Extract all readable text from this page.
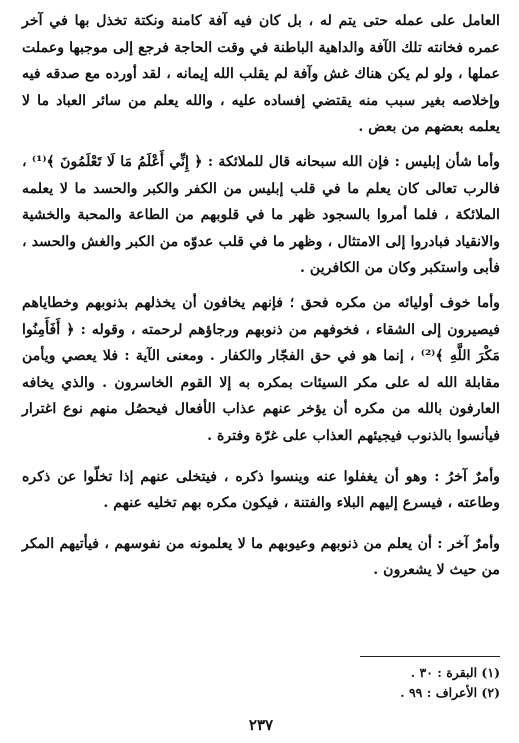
العامل على عمله حتى يتم له ، بل كان فيه آفة كامنة ونكتة تخذل بها في آخر عمره فخانته تلك الآفة والداهية الباطنة في وقت الحاجة فرجع إلى موجبها وعملت عملها ، ولو لم يكن هناك غش وآفة لم يقلب الله إيمانه ، لقد أورده مع صدقه فيه وإخلاصه بغير سبب منه يقتضي إفساده عليه ، والله يعلم من سائر العباد ما لا يعلمه بعضهم من بعض .

وأما شأن إبليس : فإن الله سبحانه قال للملائكة : ﴿ إِنِّي أَعْلَمُ مَا لَا تَعْلَمُونَ ﴾⁽¹⁾ ، فالرب تعالى كان يعلم ما في قلب إبليس من الكفر والكبر والحسد ما لا يعلمه الملائكة ، فلما أمروا بالسجود ظهر ما في قلوبهم من الطاعة والمحبة والخشية والانقياد فبادروا إلى الامتثال ، وظهر ما في قلب عدوّه من الكبر والغش والحسد ، فأبى واستكبر وكان من الكافرين .

وأما خوف أوليائه من مكره فحق ؛ فإنهم يخافون أن يخذلهم بذنوبهم وخطاياهم فيصيرون إلى الشقاء ، فخوفهم من ذنوبهم ورجاؤهم لرحمته ، وقوله : ﴿ أَفَأَمِنُوا مَكْرَ اللَّهِ ﴾⁽²⁾ ، إنما هو في حق الفجّار والكفار . ومعنى الآية : فلا يعصي ويأمن مقابلة الله له على مكر السيئات بمكره به إلا القوم الخاسرون . والذي يخافه العارفون بالله من مكره أن يؤخر عنهم عذاب الأفعال فيحصُل منهم نوع اغترار فيأنسوا بالذنوب فيجيئهم العذاب على غرّة وفترة .

وأمرٌ آخرُ : وهو أن يغفلوا عنه وينسوا ذكره ، فيتخلى عنهم إذا تخلّوا عن ذكره وطاعته ، فيسرع إليهم البلاء والفتنة ، فيكون مكره بهم تخليه عنهم .

وأمرٌ آخر : أن يعلم من ذنوبهم وعيوبهم ما لا يعلمونه من نفوسهم ، فيأتيهم المكر من حيث لا يشعرون .

(١) البقرة : ٣٠ .
(٢) الأعراف : ٩٩ .
٢٣٧
